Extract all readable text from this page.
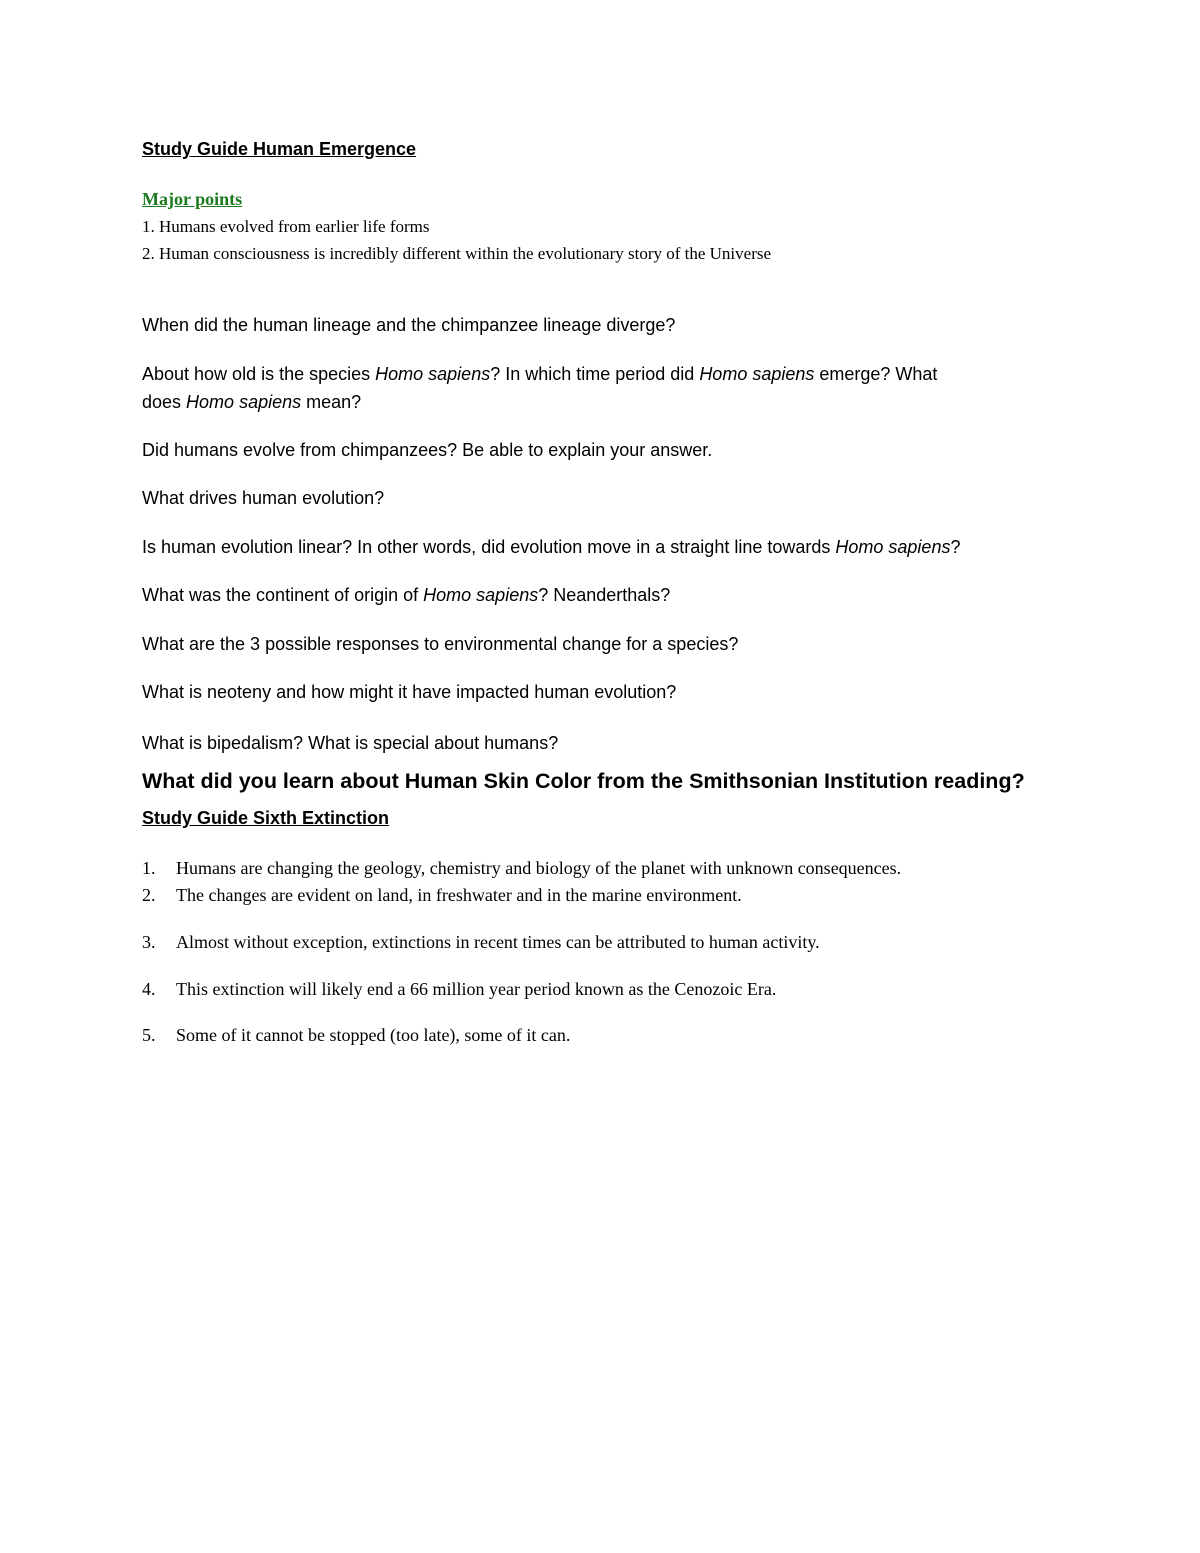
Study Guide Human Emergence
Major points
1. Humans evolved from earlier life forms
2. Human consciousness is incredibly different within the evolutionary story of the Universe
When did the human lineage and the chimpanzee lineage diverge?
About how old is the species Homo sapiens? In which time period did Homo sapiens emerge? What
does Homo sapiens mean?
Did humans evolve from chimpanzees? Be able to explain your answer.
What drives human evolution?
Is human evolution linear? In other words, did evolution move in a straight line towards Homo sapiens?
What was the continent of origin of Homo sapiens? Neanderthals?
What are the 3 possible responses to environmental change for a species?
What is neoteny and how might it have impacted human evolution?
What is bipedalism? What is special about humans?
What did you learn about Human Skin Color from the Smithsonian Institution reading?
Study Guide Sixth Extinction
1. Humans are changing the geology, chemistry and biology of the planet with unknown consequences.
2. The changes are evident on land, in freshwater and in the marine environment.
3. Almost without exception, extinctions in recent times can be attributed to human activity.
4. This extinction will likely end a 66 million year period known as the Cenozoic Era.
5. Some of it cannot be stopped (too late), some of it can.
